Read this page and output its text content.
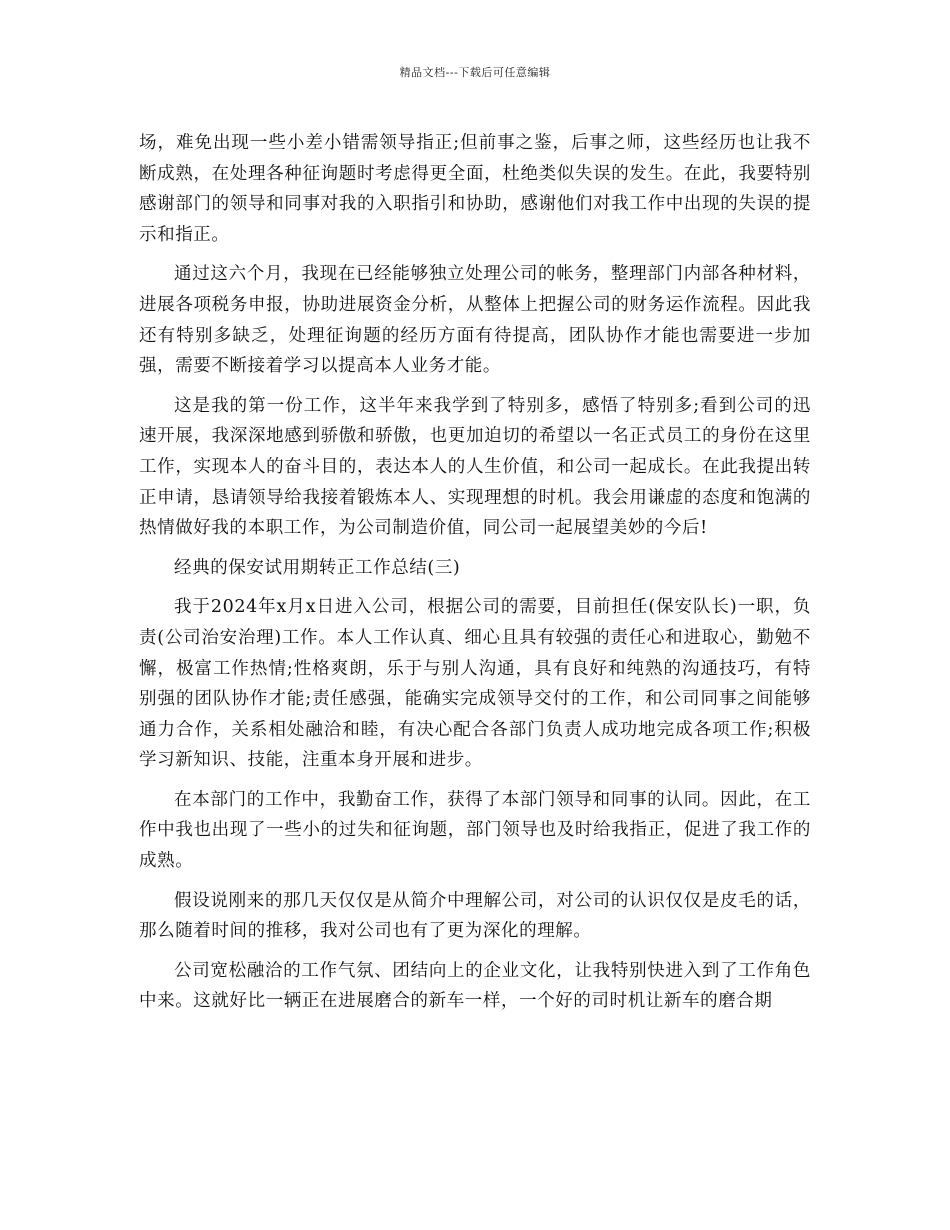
精品文档---下载后可任意编辑

场，难免出现一些小差小错需领导指正;但前事之鉴，后事之师，这些经历也让我不断成熟，在处理各种征询题时考虑得更全面，杜绝类似失误的发生。在此，我要特别感谢部门的领导和同事对我的入职指引和协助，感谢他们对我工作中出现的失误的提示和指正。

通过这六个月，我现在已经能够独立处理公司的帐务，整理部门内部各种材料，进展各项税务申报，协助进展资金分析，从整体上把握公司的财务运作流程。因此我还有特别多缺乏，处理征询题的经历方面有待提高，团队协作才能也需要进一步加强，需要不断接着学习以提高本人业务才能。

这是我的第一份工作，这半年来我学到了特别多，感悟了特别多;看到公司的迅速开展，我深深地感到骄傲和骄傲，也更加迫切的希望以一名正式员工的身份在这里工作，实现本人的奋斗目的，表达本人的人生价值，和公司一起成长。在此我提出转正申请，恳请领导给我接着锻炼本人、实现理想的时机。我会用谦虚的态度和饱满的热情做好我的本职工作，为公司制造价值，同公司一起展望美妙的今后!

经典的保安试用期转正工作总结(三)

我于2024年x月x日进入公司，根据公司的需要，目前担任(保安队长)一职，负责(公司治安治理)工作。本人工作认真、细心且具有较强的责任心和进取心，勤勉不懈，极富工作热情;性格爽朗，乐于与别人沟通，具有良好和纯熟的沟通技巧，有特别强的团队协作才能;责任感强，能确实完成领导交付的工作，和公司同事之间能够通力合作，关系相处融洽和睦，有决心配合各部门负责人成功地完成各项工作;积极学习新知识、技能，注重本身开展和进步。

在本部门的工作中，我勤奋工作，获得了本部门领导和同事的认同。因此，在工作中我也出现了一些小的过失和征询题，部门领导也及时给我指正，促进了我工作的成熟。

假设说刚来的那几天仅仅是从简介中理解公司，对公司的认识仅仅是皮毛的话，那么随着时间的推移，我对公司也有了更为深化的理解。

公司宽松融洽的工作气氛、团结向上的企业文化，让我特别快进入到了工作角色中来。这就好比一辆正在进展磨合的新车一样，一个好的司时机让新车的磨合期
